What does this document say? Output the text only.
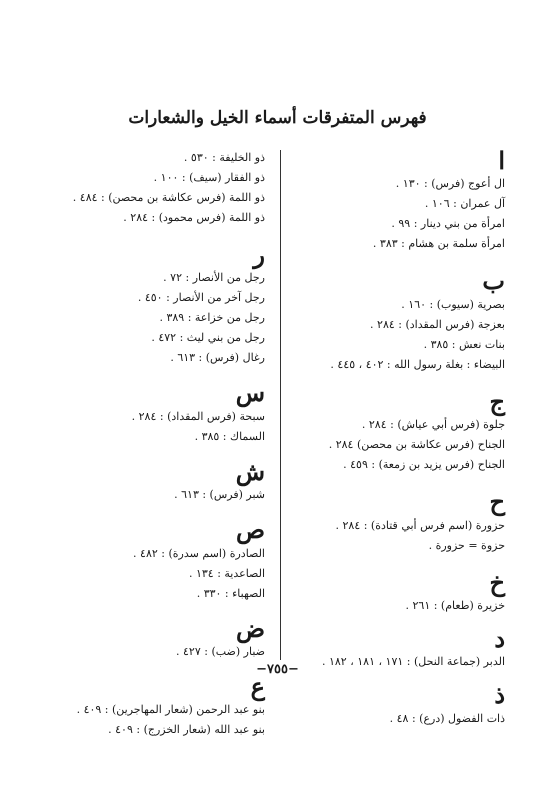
فهرس المتفرقات أسماء الخيل والشعارات
ا
ال أعوج (فرس) : ١٣٠ .
آل عمران : ١٠٦ .
امرأة من بني دينار : ٩٩ .
امرأة سلمة بن هشام : ٣٨٣ .
ب
بصرية (سيوب) : ١٦٠ .
بعزجة (فرس المقداد) : ٢٨٤ .
بنات نعش : ٣٨٥ .
البيضاء : بغلة رسول الله : ٤٠٢ ، ٤٤٥ .
ج
جلوة (فرس أبي عياش) : ٢٨٤ .
الجناح (فرس عكاشة بن محصن) ٢٨٤ .
الجناح (فرس يزيد بن زمعة) : ٤٥٩ .
ح
حزورة (اسم فرس أبي قتادة) : ٢٨٤ .
حزوة = حزورة .
خ
خزيرة (طعام) : ٢٦١ .
د
الدبر (جماعة النحل) : ١٧١ ، ١٨١ ، ١٨٢ .
ذ
ذات الفضول (درع) : ٤٨ .
ذو الخليفة : ٥٣٠ .
ذو الفقار (سيف) : ١٠٠ .
ذو اللمة (فرس عكاشة بن محصن) : ٤٨٤ .
ذو اللمة (فرس محمود) : ٢٨٤ .
ر
رجل من الأنصار : ٧٢ .
رجل آخر من الأنصار : ٤٥٠ .
رجل من خزاعة : ٣٨٩ .
رجل من بني ليث : ٤٧٢ .
رغال (فرس) : ٦١٣ .
س
سبحة (فرس المقداد) : ٢٨٤ .
السماك : ٣٨٥ .
ش
شبر (فرس) : ٦١٣ .
ص
الصادرة (اسم سدرة) : ٤٨٢ .
الصاعدية : ١٣٤ .
الصهباء : ٣٣٠ .
ض
ضبار (ضب) : ٤٢٧ .
ع
بنو عبد الرحمن (شعار المهاجرين) : ٤٠٩ .
بنو عبد الله (شعار الخزرج) : ٤٠٩ .
−٧٥٥−
